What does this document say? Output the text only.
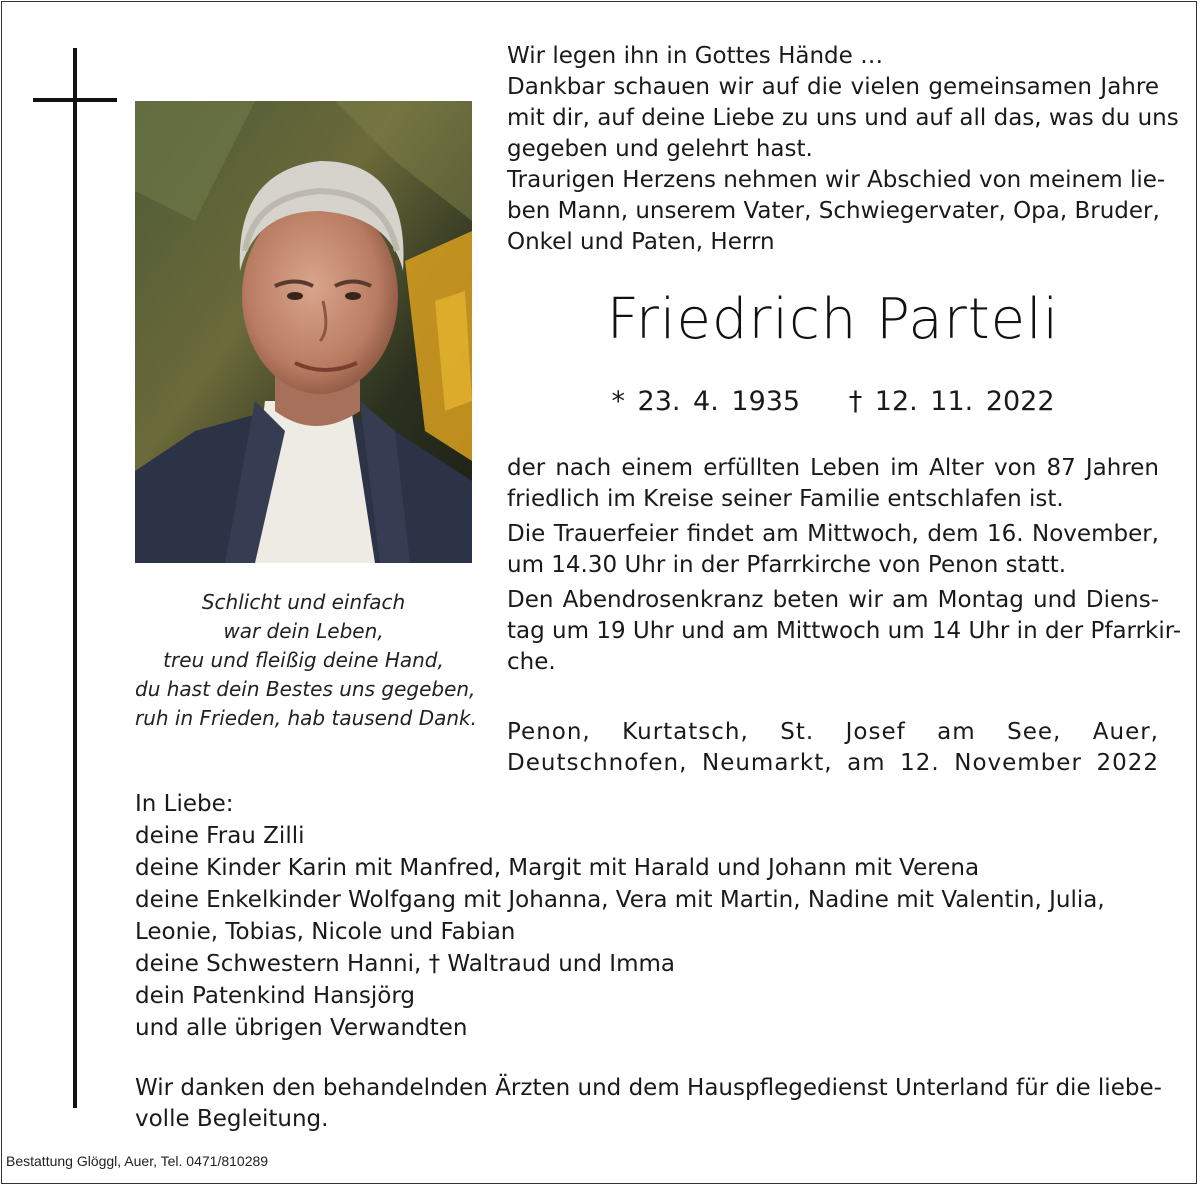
Schlicht und einfach
war dein Leben,
treu und fleißig deine Hand,
du hast dein Bestes uns gegeben,
ruh in Frieden, hab tausend Dank.
Wir legen ihn in Gottes Hände …
Dankbar schauen wir auf die vielen gemeinsamen Jahre
mit dir, auf deine Liebe zu uns und auf all das, was du uns
gegeben und gelehrt hast.
Traurigen Herzens nehmen wir Abschied von meinem lie-
ben Mann, unserem Vater, Schwiegervater, Opa, Bruder,
Onkel und Paten, Herrn
Friedrich Parteli
* 23. 4. 1935 † 12. 11. 2022

der nach einem erfüllten Leben im Alter von 87 Jahren
friedlich im Kreise seiner Familie entschlafen ist.

Die Trauerfeier findet am Mittwoch, dem 16. November,
um 14.30 Uhr in der Pfarrkirche von Penon statt.

Den Abendrosenkranz beten wir am Montag und Diens-
tag um 19 Uhr und am Mittwoch um 14 Uhr in der Pfarrkir-
che.

Penon, Kurtatsch, St. Josef am See, Auer,
Deutschnofen, Neumarkt, am 12. November 2022
In Liebe:
deine Frau Zilli
deine Kinder Karin mit Manfred, Margit mit Harald und Johann mit Verena
deine Enkelkinder Wolfgang mit Johanna, Vera mit Martin, Nadine mit Valentin, Julia,
Leonie, Tobias, Nicole und Fabian
deine Schwestern Hanni, † Waltraud und Imma
dein Patenkind Hansjörg
und alle übrigen Verwandten
Wir danken den behandelnden Ärzten und dem Hauspflegedienst Unterland für die liebe-
volle Begleitung.
Bestattung Glöggl, Auer, Tel. 0471/810289
